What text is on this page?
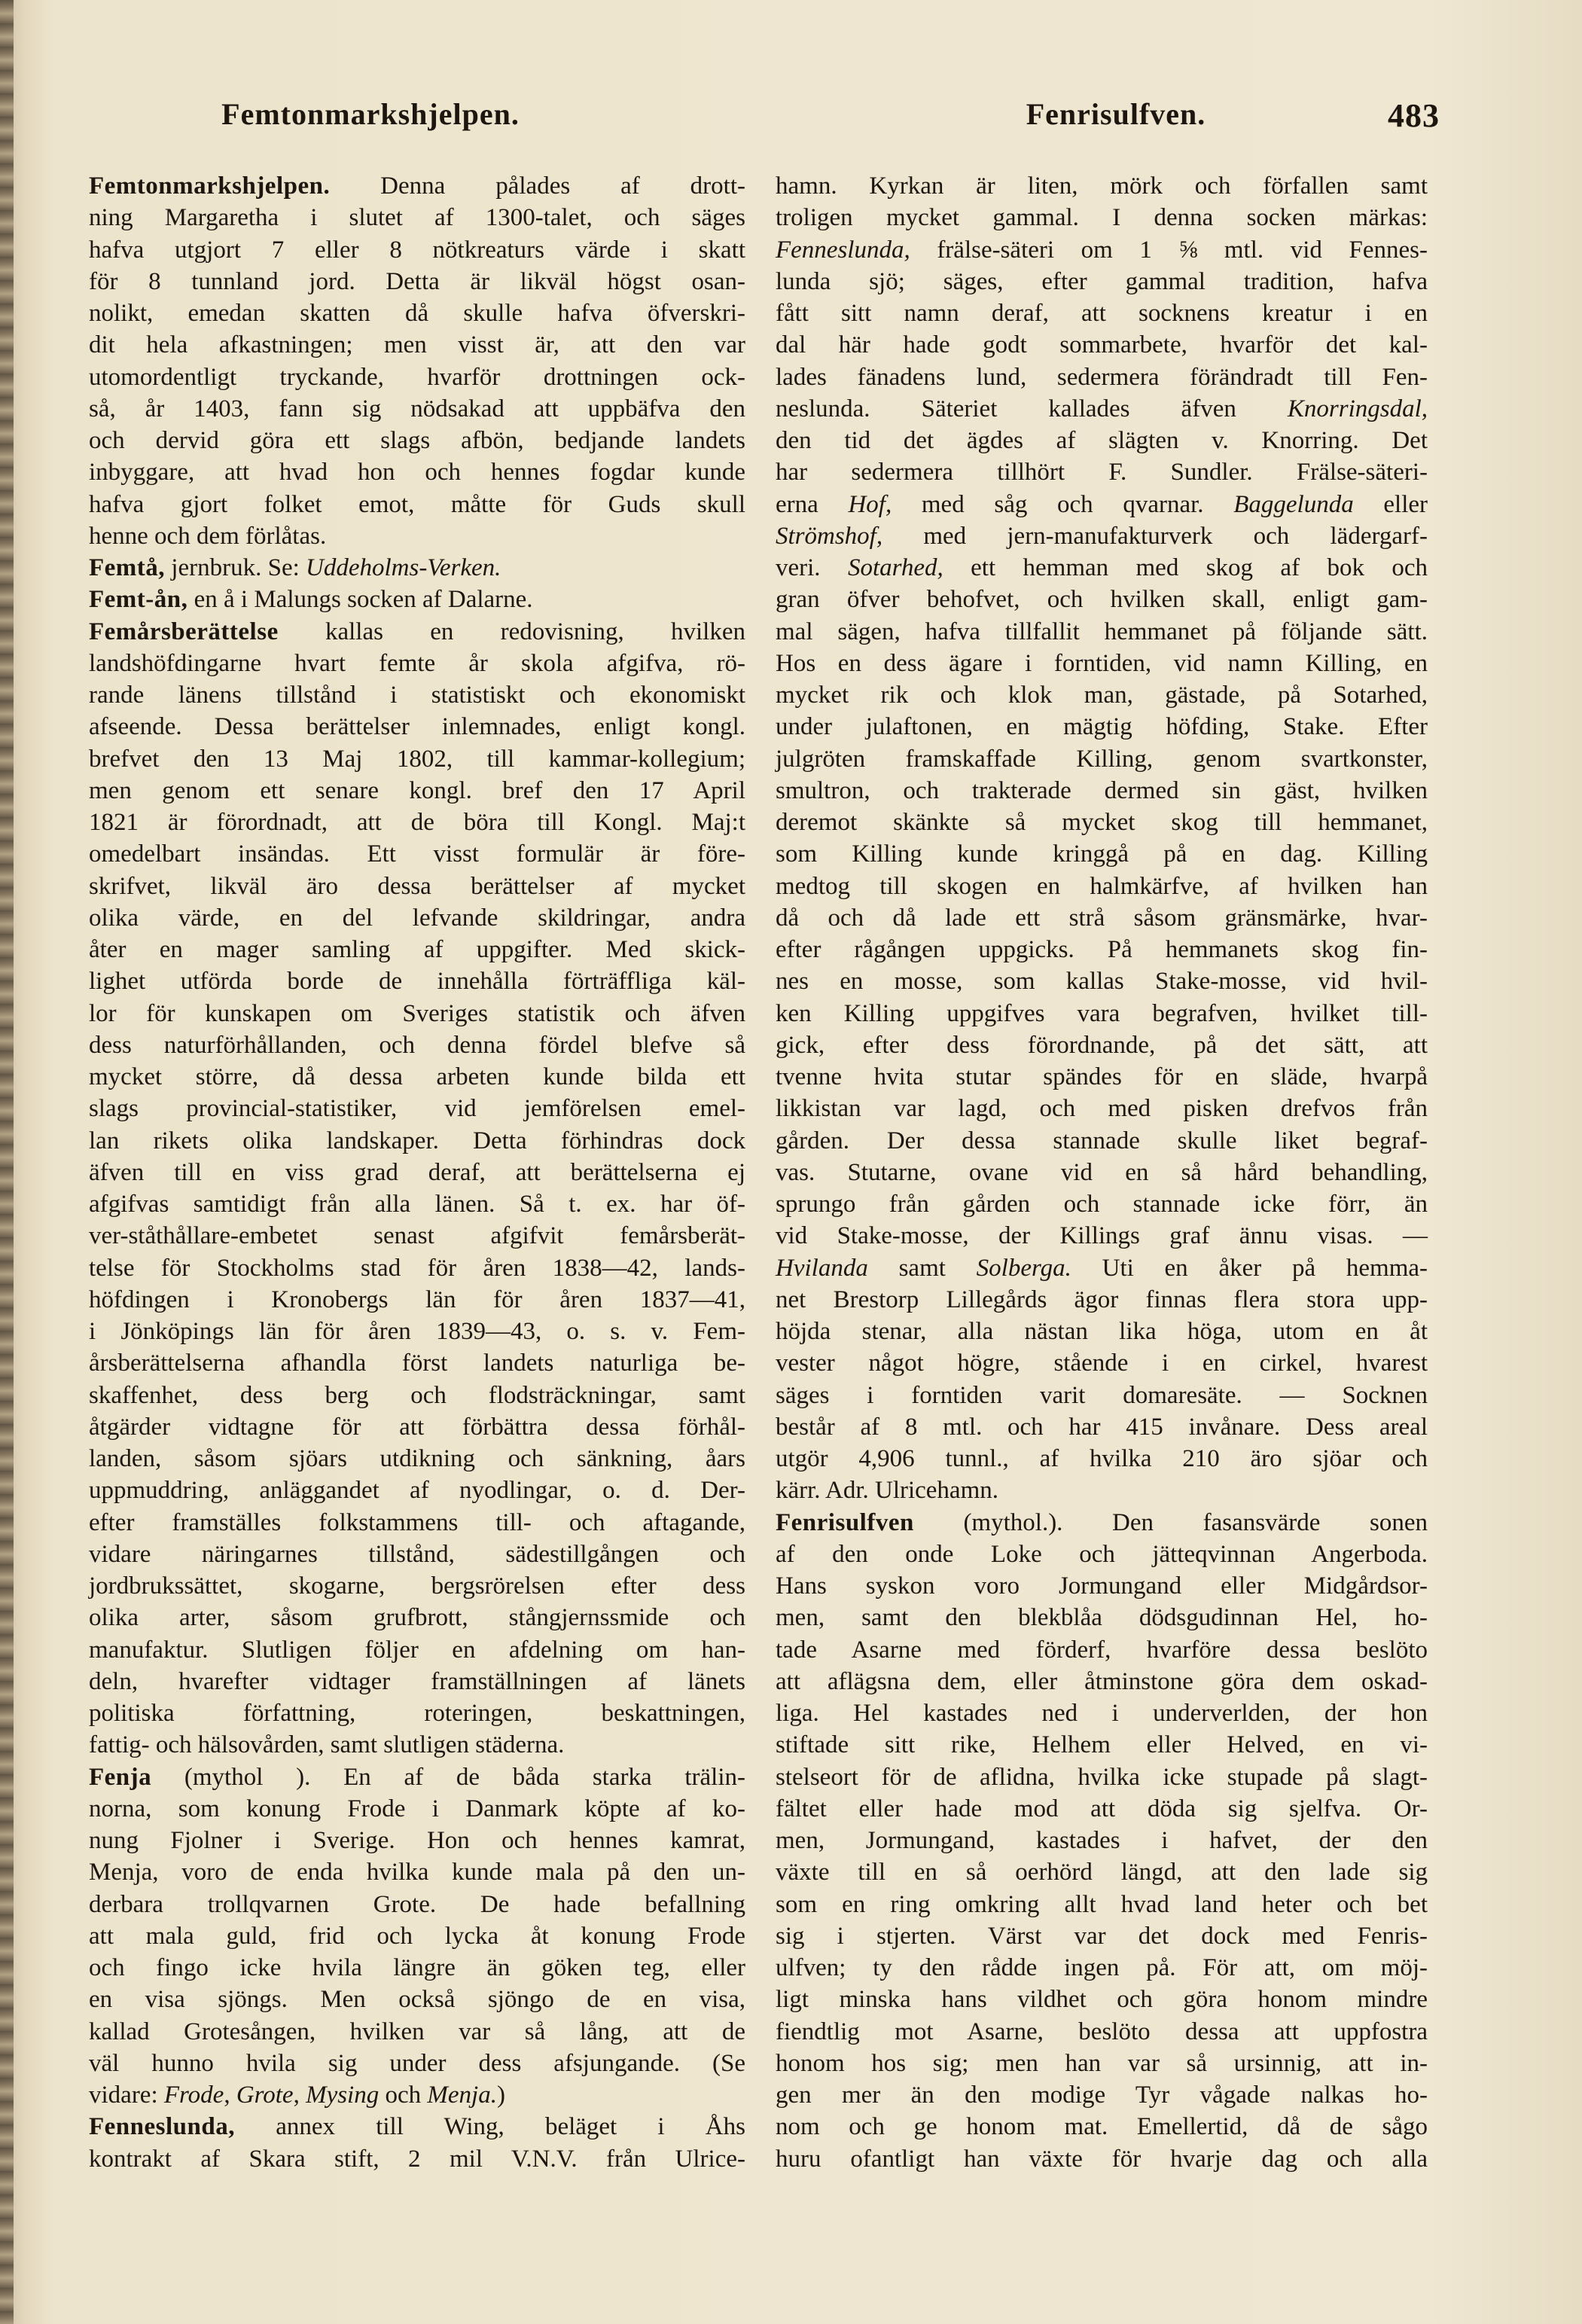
Femtonmarkshjelpen.	Fenrisulfven.	483
Femtonmarkshjelpen. Denna pålades af drott-
ning Margaretha i slutet af 1300-talet, och säges
hafva utgjort 7 eller 8 nötkreaturs värde i skatt
för 8 tunnland jord. Detta är likväl högst osan-
nolikt, emedan skatten då skulle hafva öfverskri-
dit hela afkastningen; men visst är, att den var
utomordentligt tryckande, hvarför drottningen ock-
så, år 1403, fann sig nödsakad att uppbäfva den
och dervid göra ett slags afbön, bedjande landets
inbyggare, att hvad hon och hennes fogdar kunde
hafva gjort folket emot, måtte för Guds skull
henne och dem förlåtas.
Femtå, jernbruk. Se: Uddeholms-Verken.
Femt-ån, en å i Malungs socken af Dalarne.
Femårsberättelse kallas en redovisning, hvilken
landshöfdingarne hvart femte år skola afgifva, rö-
rande länens tillstånd i statistiskt och ekonomiskt
afseende. Dessa berättelser inlemnades, enligt kongl.
brefvet den 13 Maj 1802, till kammar-kollegium;
men genom ett senare kongl. bref den 17 April
1821 är förordnadt, att de böra till Kongl. Maj:t
omedelbart insändas. Ett visst formulär är före-
skrifvet, likväl äro dessa berättelser af mycket
olika värde, en del lefvande skildringar, andra
åter en mager samling af uppgifter. Med skick-
lighet utförda borde de innehålla förträffliga käl-
lor för kunskapen om Sveriges statistik och äfven
dess naturförhållanden, och denna fördel blefve så
mycket större, då dessa arbeten kunde bilda ett
slags provincial-statistiker, vid jemförelsen emel-
lan rikets olika landskaper. Detta förhindras dock
äfven till en viss grad deraf, att berättelserna ej
afgifvas samtidigt från alla länen. Så t. ex. har öf-
ver-ståthållare-embetet senast afgifvit femårsberät-
telse för Stockholms stad för åren 1838—42, lands-
höfdingen i Kronobergs län för åren 1837—41,
i Jönköpings län för åren 1839—43, o. s. v. Fem-
årsberättelserna afhandla först landets naturliga be-
skaffenhet, dess berg och flodsträckningar, samt
åtgärder vidtagne för att förbättra dessa förhål-
landen, såsom sjöars utdikning och sänkning, åars
uppmuddring, anläggandet af nyodlingar, o. d. Der-
efter framställes folkstammens till- och aftagande,
vidare näringarnes tillstånd, sädestillgången och
jordbrukssättet, skogarne, bergsrörelsen efter dess
olika arter, såsom grufbrott, stångjernssmide och
manufaktur. Slutligen följer en afdelning om han-
deln, hvarefter vidtager framställningen af länets
politiska författning, roteringen, beskattningen,
fattig- och hälsovården, samt slutligen städerna.
Fenja (mythol ). En af de båda starka trälin-
norna, som konung Frode i Danmark köpte af ko-
nung Fjolner i Sverige. Hon och hennes kamrat,
Menja, voro de enda hvilka kunde mala på den un-
derbara trollqvarnen Grote. De hade befallning
att mala guld, frid och lycka åt konung Frode
och fingo icke hvila längre än göken teg, eller
en visa sjöngs. Men också sjöngo de en visa,
kallad Grotesången, hvilken var så lång, att de
väl hunno hvila sig under dess afsjungande. (Se
vidare: Frode, Grote, Mysing och Menja.)
Fenneslunda, annex till Wing, beläget i Åhs
kontrakt af Skara stift, 2 mil V.N.V. från Ulrice-
hamn. Kyrkan är liten, mörk och förfallen samt
troligen mycket gammal. I denna socken märkas:
Fenneslunda, frälse-säteri om 1 ⅝ mtl. vid Fennes-
lunda sjö; säges, efter gammal tradition, hafva
fått sitt namn deraf, att socknens kreatur i en
dal här hade godt sommarbete, hvarför det kal-
lades fänadens lund, sedermera förändradt till Fen-
neslunda. Säteriet kallades äfven Knorringsdal,
den tid det ägdes af slägten v. Knorring. Det
har sedermera tillhört F. Sundler. Frälse-säteri-
erna Hof, med såg och qvarnar. Baggelunda eller
Strömshof, med jern-manufakturverk och lädergarf-
veri. Sotarhed, ett hemman med skog af bok och
gran öfver behofvet, och hvilken skall, enligt gam-
mal sägen, hafva tillfallit hemmanet på följande sätt.
Hos en dess ägare i forntiden, vid namn Killing, en
mycket rik och klok man, gästade, på Sotarhed,
under julaftonen, en mägtig höfding, Stake. Efter
julgröten framskaffade Killing, genom svartkonster,
smultron, och trakterade dermed sin gäst, hvilken
deremot skänkte så mycket skog till hemmanet,
som Killing kunde kringgå på en dag. Killing
medtog till skogen en halmkärfve, af hvilken han
då och då lade ett strå såsom gränsmärke, hvar-
efter rågången uppgicks. På hemmanets skog fin-
nes en mosse, som kallas Stake-mosse, vid hvil-
ken Killing uppgifves vara begrafven, hvilket till-
gick, efter dess förordnande, på det sätt, att
tvenne hvita stutar spändes för en släde, hvarpå
likkistan var lagd, och med pisken drefvos från
gården. Der dessa stannade skulle liket begraf-
vas. Stutarne, ovane vid en så hård behandling,
sprungo från gården och stannade icke förr, än
vid Stake-mosse, der Killings graf ännu visas. —
Hvilanda samt Solberga. Uti en åker på hemma-
net Brestorp Lillegårds ägor finnas flera stora upp-
höjda stenar, alla nästan lika höga, utom en åt
vester något högre, stående i en cirkel, hvarest
säges i forntiden varit domaresäte. — Socknen
består af 8 mtl. och har 415 invånare. Dess areal
utgör 4,906 tunnl., af hvilka 210 äro sjöar och
kärr. Adr. Ulricehamn.
Fenrisulfven (mythol.). Den fasansvärde sonen
af den onde Loke och jätteqvinnan Angerboda.
Hans syskon voro Jormungand eller Midgårdsor-
men, samt den blekblåa dödsgudinnan Hel, ho-
tade Asarne med förderf, hvarföre dessa beslöto
att aflägsna dem, eller åtminstone göra dem oskad-
liga. Hel kastades ned i underverlden, der hon
stiftade sitt rike, Helhem eller Helved, en vi-
stelseort för de aflidna, hvilka icke stupade på slagt-
fältet eller hade mod att döda sig sjelfva. Or-
men, Jormungand, kastades i hafvet, der den
växte till en så oerhörd längd, att den lade sig
som en ring omkring allt hvad land heter och bet
sig i stjerten. Värst var det dock med Fenris-
ulfven; ty den rådde ingen på. För att, om möj-
ligt minska hans vildhet och göra honom mindre
fiendtlig mot Asarne, beslöto dessa att uppfostra
honom hos sig; men han var så ursinnig, att in-
gen mer än den modige Tyr vågade nalkas ho-
nom och ge honom mat. Emellertid, då de sågo
huru ofantligt han växte för hvarje dag och alla
